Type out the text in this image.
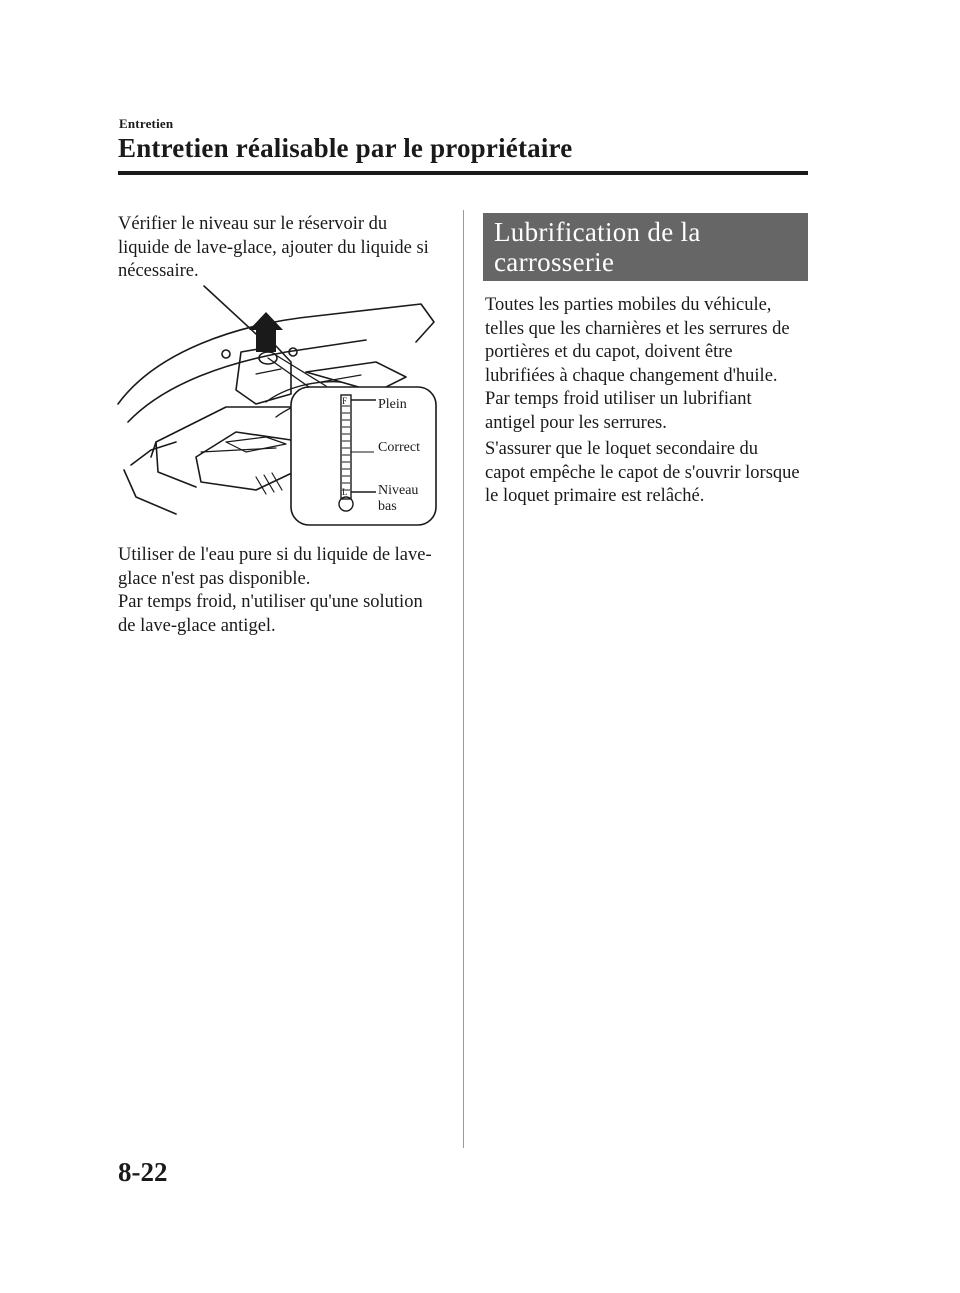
Entretien
Entretien réalisable par le propriétaire
Vérifier le niveau sur le réservoir du
liquide de lave-glace, ajouter du liquide si
nécessaire.
F
L
Plein
Correct
Niveau
bas
Utiliser de l'eau pure si du liquide de lave-
glace n'est pas disponible.
Par temps froid, n'utiliser qu'une solution
de lave-glace antigel.
Lubrification de la
carrosserie
Toutes les parties mobiles du véhicule,
telles que les charnières et les serrures de
portières et du capot, doivent être
lubrifiées à chaque changement d'huile.
Par temps froid utiliser un lubrifiant
antigel pour les serrures.
S'assurer que le loquet secondaire du
capot empêche le capot de s'ouvrir lorsque
le loquet primaire est relâché.
8-22
